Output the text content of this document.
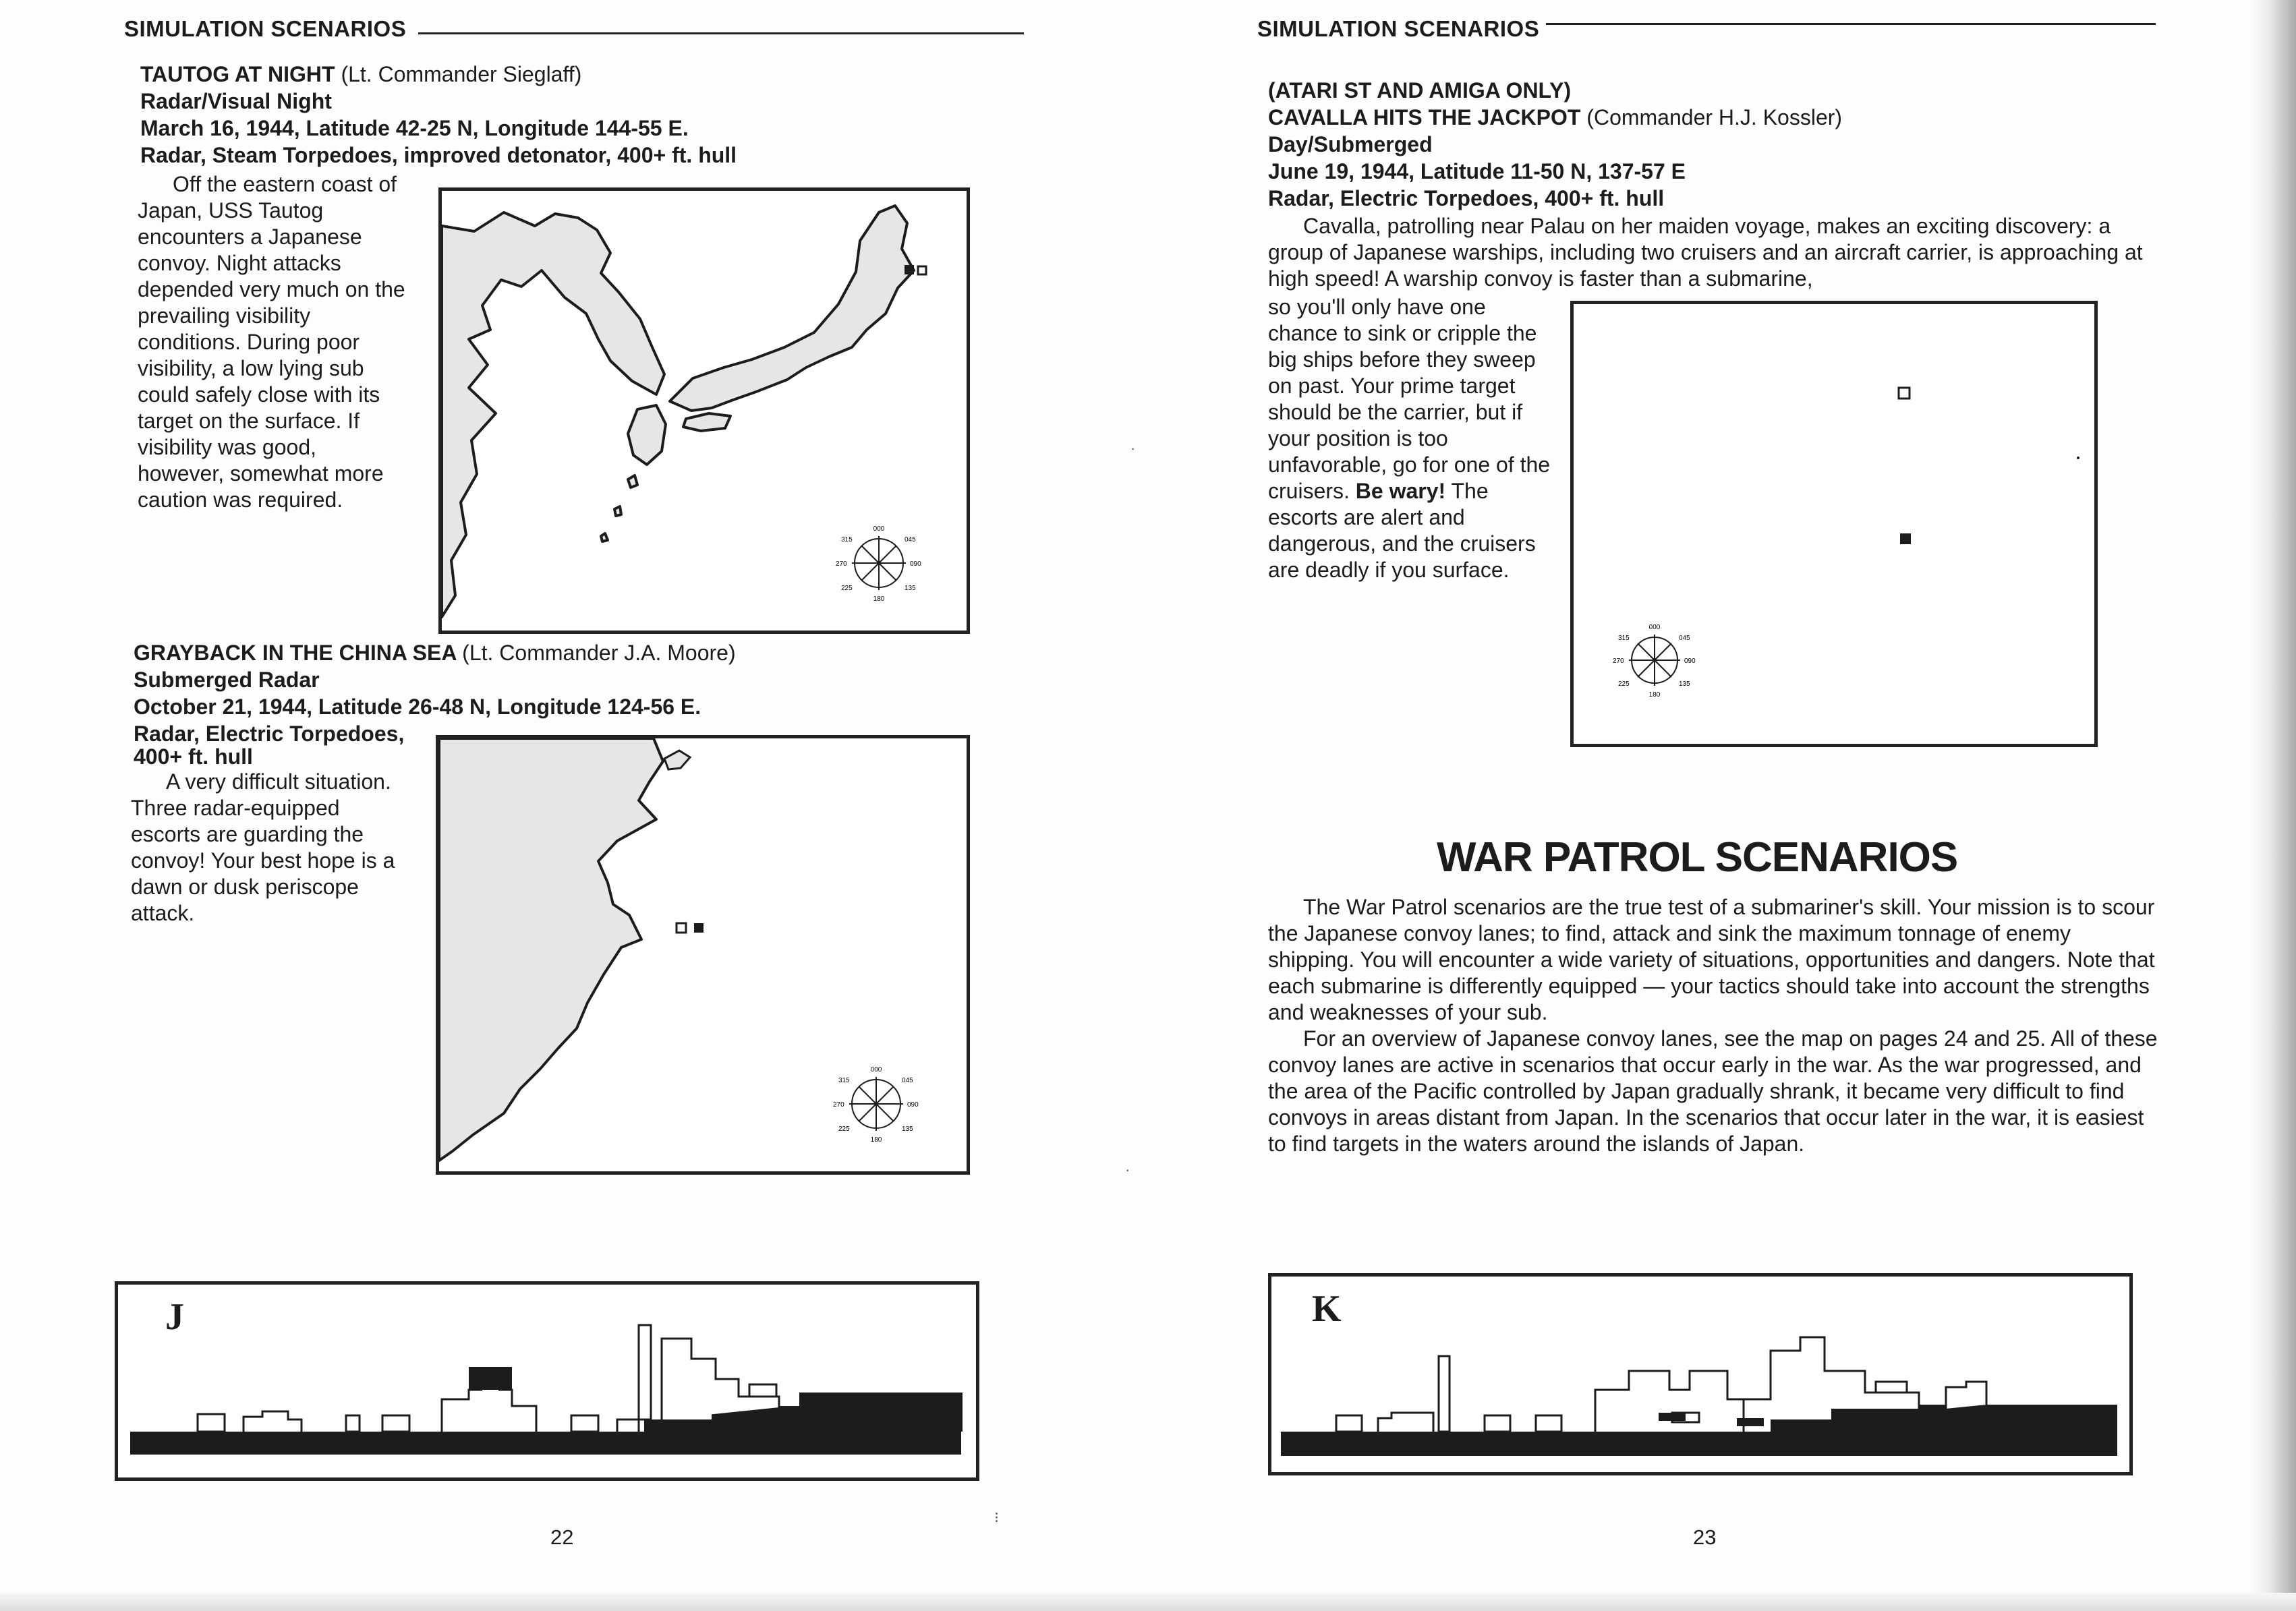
SIMULATION SCENARIOS
TAUTOG AT NIGHT (Lt. Commander Sieglaff)
Radar/Visual Night
March 16, 1944, Latitude 42-25 N, Longitude 144-55 E.
Radar, Steam Torpedoes, improved detonator, 400+ ft. hull

Off the eastern coast of Japan, USS Tautog encounters a Japanese convoy. Night attacks depended very much on the prevailing visibility conditions. During poor visibility, a low lying sub could safely close with its target on the surface. If visibility was good, however, somewhat more caution was required.

000
045
090
135
180
225
270
315
GRAYBACK IN THE CHINA SEA (Lt. Commander J.A. Moore)
Submerged Radar
October 21, 1944, Latitude 26-48 N, Longitude 124-56 E.
Radar, Electric Torpedoes,
400+ ft. hull

A very difficult situation. Three radar-equipped escorts are guarding the convoy! Your best hope is a dawn or dusk periscope attack.

000
045
090
135
180
225
270
315
J
22
·
·
⁝
SIMULATION SCENARIOS
(ATARI ST AND AMIGA ONLY)
CAVALLA HITS THE JACKPOT (Commander H.J. Kossler)
Day/Submerged
June 19, 1944, Latitude 11-50 N, 137-57 E
Radar, Electric Torpedoes, 400+ ft. hull

Cavalla, patrolling near Palau on her maiden voyage, makes an exciting discovery: a group of Japanese warships, including two cruisers and an aircraft carrier, is approaching at high speed! A warship convoy is faster than a submarine,

so you'll only have one chance to sink or cripple the big ships before they sweep on past. Your prime target should be the carrier, but if your position is too unfavorable, go for one of the cruisers. Be wary! The escorts are alert and dangerous, and the cruisers are deadly if you surface.

000
045
090
135
180
225
270
315
WAR PATROL SCENARIOS

The War Patrol scenarios are the true test of a submariner's skill. Your mission is to scour the Japanese convoy lanes; to find, attack and sink the maximum tonnage of enemy shipping. You will encounter a wide variety of situations, opportunities and dangers. Note that each submarine is differently equipped — your tactics should take into account the strengths and weaknesses of your sub.

For an overview of Japanese convoy lanes, see the map on pages 24 and 25. All of these convoy lanes are active in scenarios that occur early in the war. As the war progressed, and the area of the Pacific controlled by Japan gradually shrank, it became very difficult to find convoys in areas distant from Japan. In the scenarios that occur later in the war, it is easiest to find targets in the waters around the islands of Japan.

K
23
